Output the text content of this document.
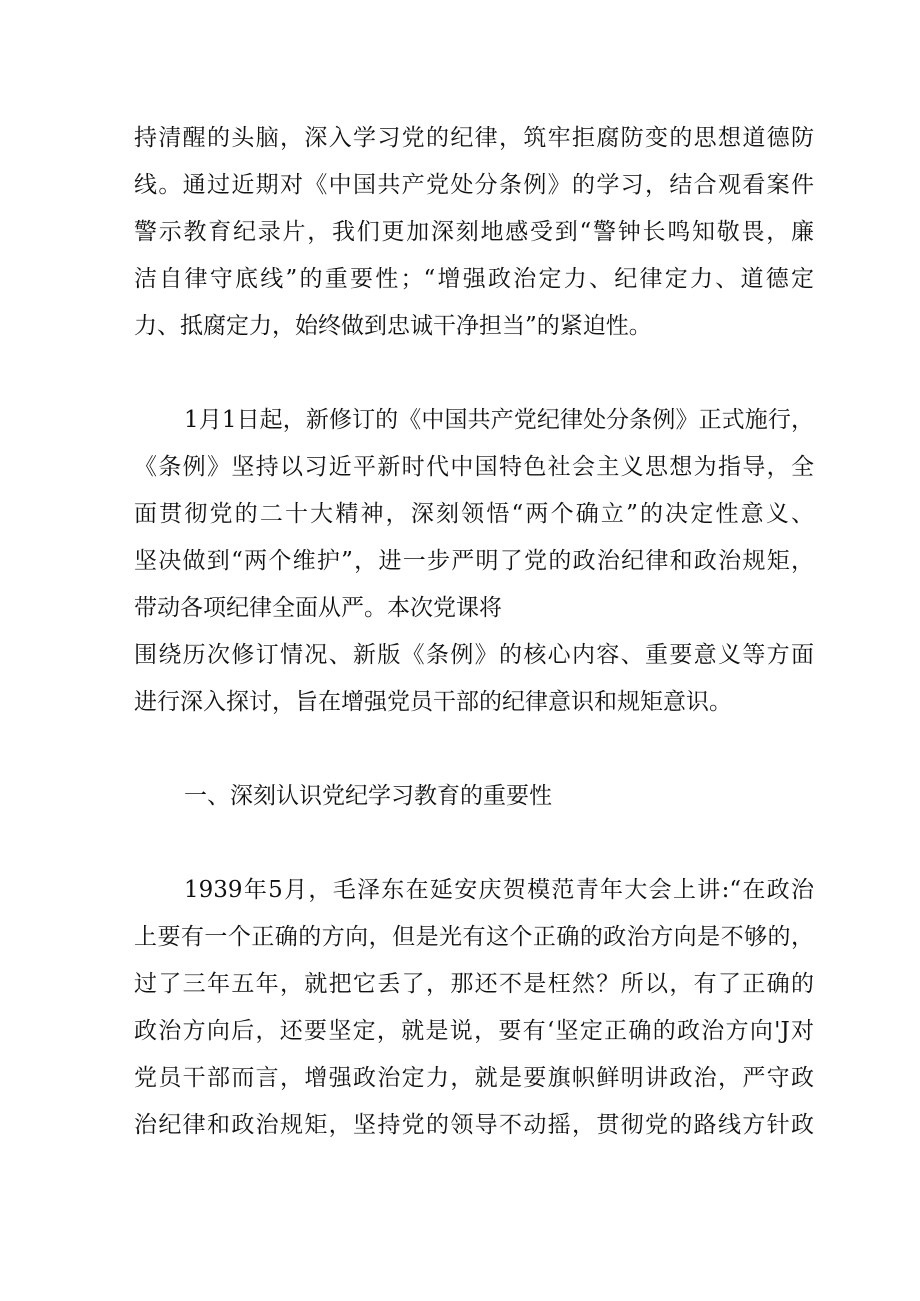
持清醒的头脑，深入学习党的纪律，筑牢拒腐防变的思想道德防
线。通过近期对《中国共产党处分条例》的学习，结合观看案件
警示教育纪录片，我们更加深刻地感受到“警钟长鸣知敬畏，廉
洁自律守底线”的重要性；“增强政治定力、纪律定力、道德定
力、抵腐定力，始终做到忠诚干净担当”的紧迫性。
1月1日起，新修订的《中国共产党纪律处分条例》正式施行，
《条例》坚持以习近平新时代中国特色社会主义思想为指导，全
面贯彻党的二十大精神，深刻领悟“两个确立”的决定性意义、
坚决做到“两个维护”，进一步严明了党的政治纪律和政治规矩，
带动各项纪律全面从严。本次党课将
围绕历次修订情况、新版《条例》的核心内容、重要意义等方面
进行深入探讨，旨在增强党员干部的纪律意识和规矩意识。
一、深刻认识党纪学习教育的重要性
1939年5月，毛泽东在延安庆贺模范青年大会上讲:“在政治
上要有一个正确的方向，但是光有这个正确的政治方向是不够的，
过了三年五年，就把它丢了，那还不是枉然？所以，有了正确的
政治方向后，还要坚定，就是说，要有‘坚定正确的政治方向'J对
党员干部而言，增强政治定力，就是要旗帜鲜明讲政治，严守政
治纪律和政治规矩，坚持党的领导不动摇，贯彻党的路线方针政
